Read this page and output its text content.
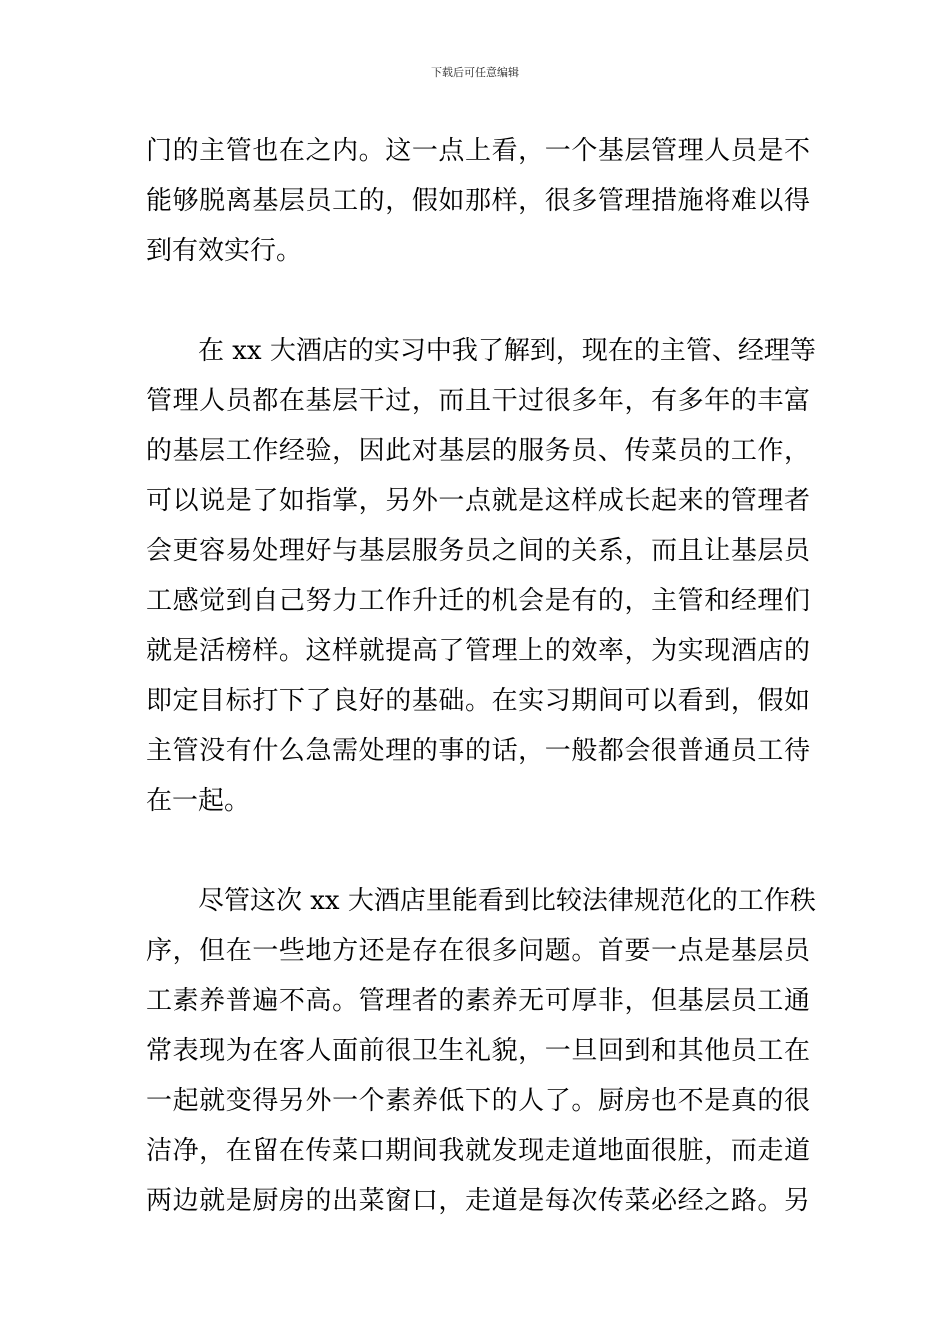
下载后可任意编辑
门的主管也在之内。这一点上看，一个基层管理人员是不
能够脱离基层员工的，假如那样，很多管理措施将难以得
到有效实行。
在 xx 大酒店的实习中我了解到，现在的主管、经理等
管理人员都在基层干过，而且干过很多年，有多年的丰富
的基层工作经验，因此对基层的服务员、传菜员的工作，
可以说是了如指掌，另外一点就是这样成长起来的管理者
会更容易处理好与基层服务员之间的关系，而且让基层员
工感觉到自己努力工作升迁的机会是有的，主管和经理们
就是活榜样。这样就提高了管理上的效率，为实现酒店的
即定目标打下了良好的基础。在实习期间可以看到，假如
主管没有什么急需处理的事的话，一般都会很普通员工待
在一起。
尽管这次 xx 大酒店里能看到比较法律规范化的工作秩
序，但在一些地方还是存在很多问题。首要一点是基层员
工素养普遍不高。管理者的素养无可厚非，但基层员工通
常表现为在客人面前很卫生礼貌，一旦回到和其他员工在
一起就变得另外一个素养低下的人了。厨房也不是真的很
洁净，在留在传菜口期间我就发现走道地面很脏，而走道
两边就是厨房的出菜窗口，走道是每次传菜必经之路。另
